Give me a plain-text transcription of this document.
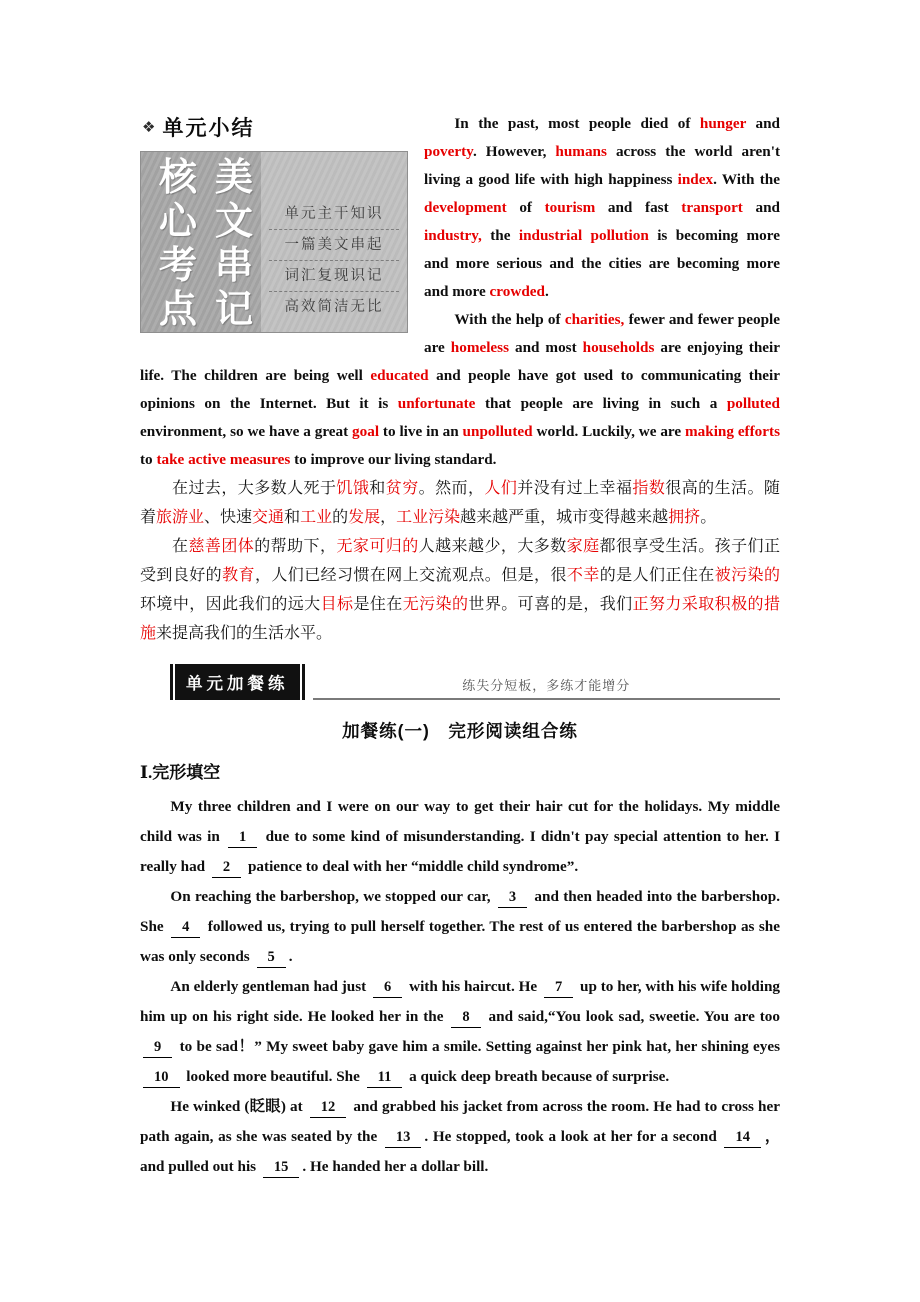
❖ 单元小结
核心考点
美文串记
单元主干知识
一篇美文串起
词汇复现识记
高效简洁无比

In the past, most people died of hunger and poverty. However, humans across the world aren't living a good life with high happiness index. With the development of tourism and fast transport and industry, the industrial pollution is becoming more and more serious and the cities are becoming more and more crowded.

With the help of charities, fewer and fewer people are homeless and most households are enjoying their life. The children are being well educated and people have got used to communicating their opinions on the Internet. But it is unfortunate that people are living in such a polluted environment, so we have a great goal to live in an unpolluted world. Luckily, we are making efforts to take active measures to improve our living standard.

在过去，大多数人死于饥饿和贫穷。然而，人们并没有过上幸福指数很高的生活。随着旅游业、快速交通和工业的发展，工业污染越来越严重，城市变得越来越拥挤。

在慈善团体的帮助下，无家可归的人越来越少，大多数家庭都很享受生活。孩子们正受到良好的教育，人们已经习惯在网上交流观点。但是，很不幸的是人们正住在被污染的环境中，因此我们的远大目标是住在无污染的世界。可喜的是，我们正努力采取积极的措施来提高我们的生活水平。

单元加餐练	练失分短板，多练才能增分
加餐练(一)　完形阅读组合练
Ⅰ.完形填空

My three children and I were on our way to get their hair cut for the holidays. My middle child was in 1 due to some kind of misunderstanding. I didn't pay special attention to her. I really had 2 patience to deal with her “middle child syndrome”.

On reaching the barbershop, we stopped our car, 3 and then headed into the barbershop. She 4 followed us, trying to pull herself together. The rest of us entered the barbershop as she was only seconds 5 .

An elderly gentleman had just 6 with his haircut. He 7 up to her, with his wife holding him up on his right side. He looked her in the 8 and said,“You look sad, sweetie. You are too 9 to be sad！” My sweet baby gave him a smile. Setting against her pink hat, her shining eyes 10 looked more beautiful. She 11 a quick deep breath because of surprise.

He winked (眨眼) at 12 and grabbed his jacket from across the room. He had to cross her path again, as she was seated by the 13 . He stopped, took a look at her for a second 14 ， and pulled out his 15 . He handed her a dollar bill.
